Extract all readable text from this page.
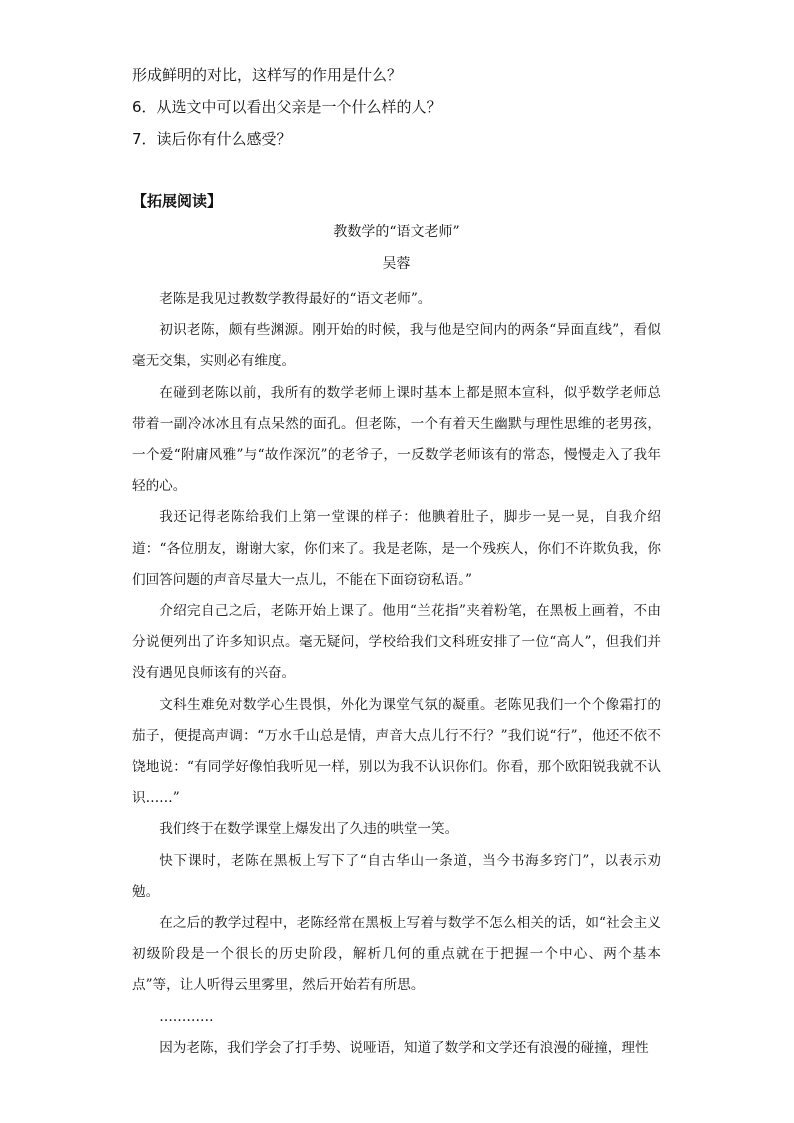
形成鲜明的对比，这样写的作用是什么？
6．从选文中可以看出父亲是一个什么样的人？
7．读后你有什么感受？
【拓展阅读】
教数学的“语文老师”
吴蓉

老陈是我见过教数学教得最好的“语文老师”。

初识老陈，颇有些渊源。刚开始的时候，我与他是空间内的两条“异面直线”，看似毫无交集，实则必有维度。

在碰到老陈以前，我所有的数学老师上课时基本上都是照本宣科，似乎数学老师总带着一副冷冰冰且有点呆然的面孔。但老陈，一个有着天生幽默与理性思维的老男孩，一个爱“附庸风雅”与“故作深沉”的老爷子，一反数学老师该有的常态，慢慢走入了我年轻的心。

我还记得老陈给我们上第一堂课的样子：他腆着肚子，脚步一晃一晃，自我介绍道：“各位朋友，谢谢大家，你们来了。我是老陈，是一个残疾人，你们不许欺负我，你们回答问题的声音尽量大一点儿，不能在下面窃窃私语。”

介绍完自己之后，老陈开始上课了。他用“兰花指”夹着粉笔，在黑板上画着，不由分说便列出了许多知识点。毫无疑问，学校给我们文科班安排了一位“高人”，但我们并没有遇见良师该有的兴奋。

文科生难免对数学心生畏惧，外化为课堂气氛的凝重。老陈见我们一个个像霜打的茄子，便提高声调：“万水千山总是情，声音大点儿行不行？”我们说“行”，他还不依不饶地说：“有同学好像怕我听见一样，别以为我不认识你们。你看，那个欧阳锐我就不认识……”

我们终于在数学课堂上爆发出了久违的哄堂一笑。

快下课时，老陈在黑板上写下了“自古华山一条道，当今书海多窍门”，以表示劝勉。

在之后的教学过程中，老陈经常在黑板上写着与数学不怎么相关的话，如“社会主义初级阶段是一个很长的历史阶段，解析几何的重点就在于把握一个中心、两个基本点”等，让人听得云里雾里，然后开始若有所思。

…………

因为老陈，我们学会了打手势、说哑语，知道了数学和文学还有浪漫的碰撞，理性
